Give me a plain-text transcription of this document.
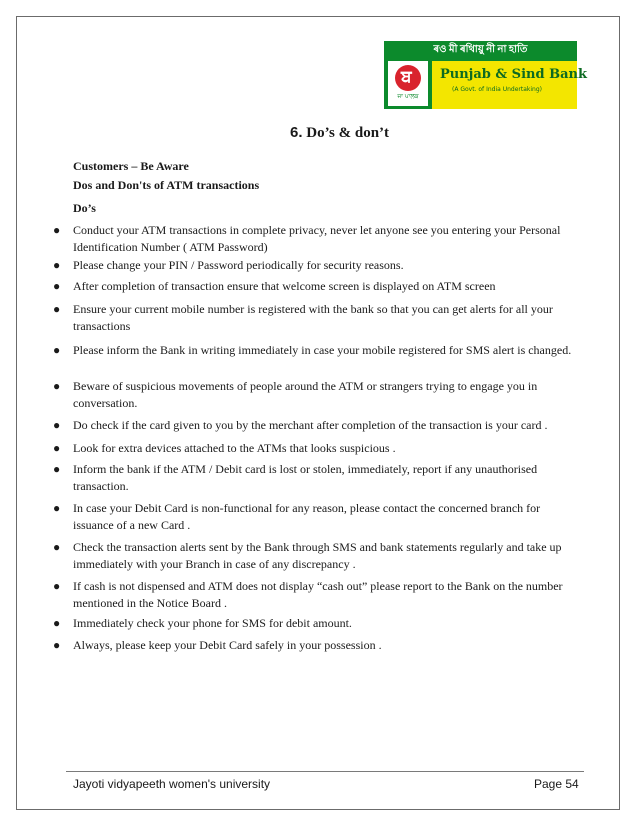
ৰও মী ৰথিায়ু নী না হাতি
ਬ
ਜਾ ਪਾਲਕ
Punjab & Sind Bank
(A Govt. of India Undertaking)
6. Do’s & don’t
Customers – Be Aware
Dos and Don'ts of ATM transactions
Do’s
● Conduct your ATM transactions in complete privacy, never let anyone see you entering your Personal Identification Number ( ATM Password)
● Please change your PIN / Password periodically for security reasons.
● After completion of transaction ensure that welcome screen is displayed on ATM screen
● Ensure your current mobile number is registered with the bank so that you can get alerts for all your transactions
● Please inform the Bank in writing immediately in case your mobile registered for SMS alert is changed.
● Beware of suspicious movements of people around the ATM or strangers trying to engage you in conversation.
● Do check if the card given to you by the merchant after completion of the transaction is your card .
● Look for extra devices attached to the ATMs that looks suspicious .
● Inform the bank if the ATM / Debit card is lost or stolen, immediately, report if any unauthorised transaction.
● In case your Debit Card is non-functional for any reason, please contact the concerned branch for issuance of a new Card .
● Check the transaction alerts sent by the Bank through SMS and bank statements regularly and take up immediately with your Branch in case of any discrepancy .
● If cash is not dispensed and ATM does not display “cash out” please report to the Bank on the number mentioned in the Notice Board .
● Immediately check your phone for SMS for debit amount.
● Always, please keep your Debit Card safely in your possession .
Jayoti vidyapeeth women's university	Page 54
